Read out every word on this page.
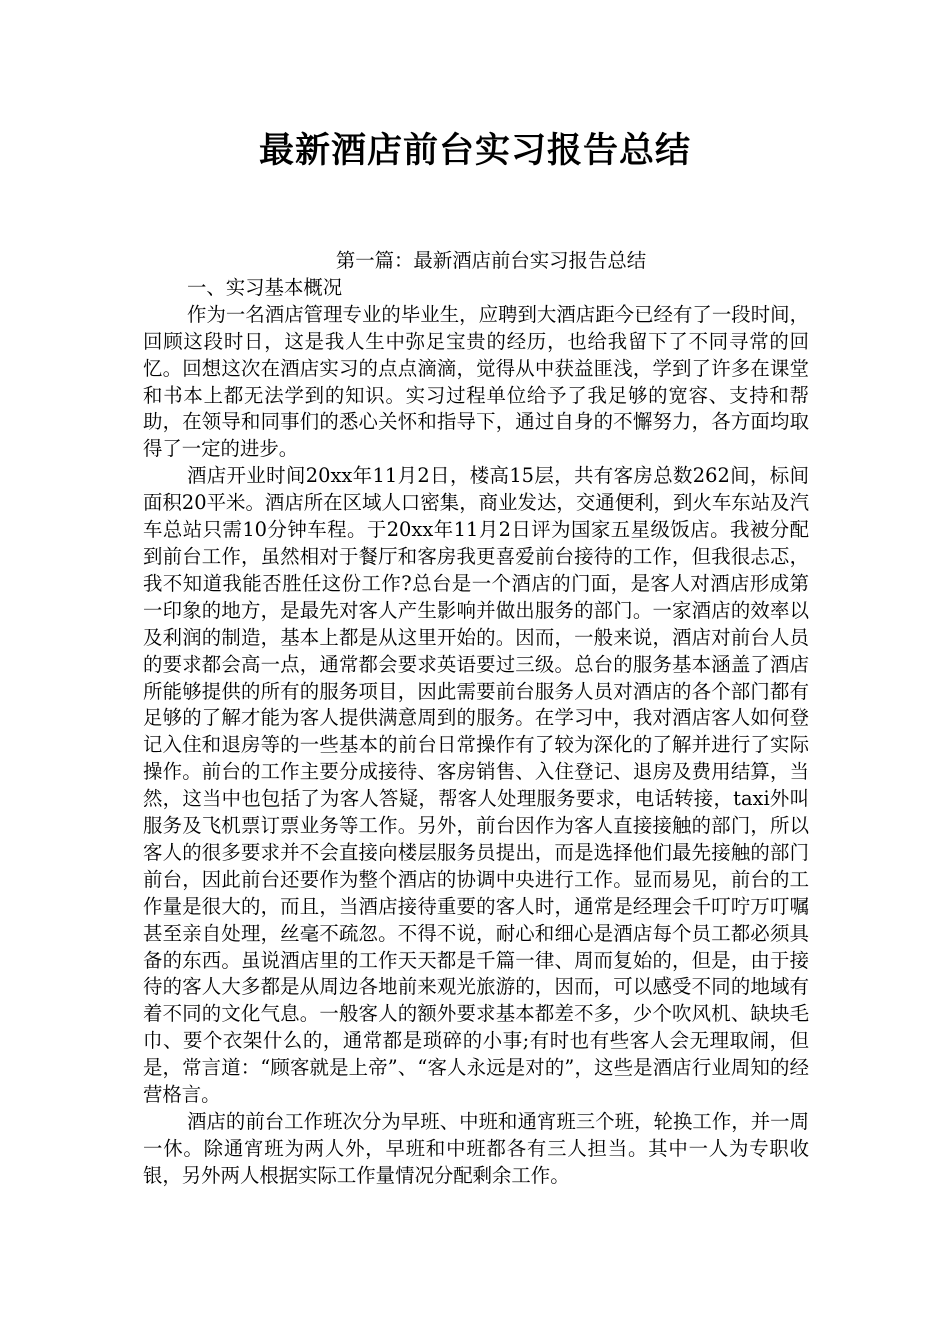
最新酒店前台实习报告总结

第一篇：最新酒店前台实习报告总结

一、实习基本概况

作为一名酒店管理专业的毕业生，应聘到大酒店距今已经有了一段时间，回顾这段时日，这是我人生中弥足宝贵的经历，也给我留下了不同寻常的回忆。回想这次在酒店实习的点点滴滴，觉得从中获益匪浅，学到了许多在课堂和书本上都无法学到的知识。实习过程单位给予了我足够的宽容、支持和帮助，在领导和同事们的悉心关怀和指导下，通过自身的不懈努力，各方面均取得了一定的进步。

酒店开业时间20xx年11月2日，楼高15层，共有客房总数262间，标间面积20平米。酒店所在区域人口密集，商业发达，交通便利，到火车东站及汽车总站只需10分钟车程。于20xx年11月2日评为国家五星级饭店。我被分配到前台工作，虽然相对于餐厅和客房我更喜爱前台接待的工作，但我很忐忑，我不知道我能否胜任这份工作?总台是一个酒店的门面，是客人对酒店形成第一印象的地方，是最先对客人产生影响并做出服务的部门。一家酒店的效率以及利润的制造，基本上都是从这里开始的。因而，一般来说，酒店对前台人员的要求都会高一点，通常都会要求英语要过三级。总台的服务基本涵盖了酒店所能够提供的所有的服务项目，因此需要前台服务人员对酒店的各个部门都有足够的了解才能为客人提供满意周到的服务。在学习中，我对酒店客人如何登记入住和退房等的一些基本的前台日常操作有了较为深化的了解并进行了实际操作。前台的工作主要分成接待、客房销售、入住登记、退房及费用结算，当然，这当中也包括了为客人答疑，帮客人处理服务要求，电话转接，taxi外叫服务及飞机票订票业务等工作。另外，前台因作为客人直接接触的部门，所以客人的很多要求并不会直接向楼层服务员提出，而是选择他们最先接触的部门前台，因此前台还要作为整个酒店的协调中央进行工作。显而易见，前台的工作量是很大的，而且，当酒店接待重要的客人时，通常是经理会千叮咛万叮嘱甚至亲自处理，丝毫不疏忽。不得不说，耐心和细心是酒店每个员工都必须具备的东西。虽说酒店里的工作天天都是千篇一律、周而复始的，但是，由于接待的客人大多都是从周边各地前来观光旅游的，因而，可以感受不同的地域有着不同的文化气息。一般客人的额外要求基本都差不多，少个吹风机、缺块毛巾、要个衣架什么的，通常都是琐碎的小事;有时也有些客人会无理取闹，但是，常言道：“顾客就是上帝”、“客人永远是对的”，这些是酒店行业周知的经营格言。

酒店的前台工作班次分为早班、中班和通宵班三个班，轮换工作，并一周一休。除通宵班为两人外，早班和中班都各有三人担当。其中一人为专职收银，另外两人根据实际工作量情况分配剩余工作。
